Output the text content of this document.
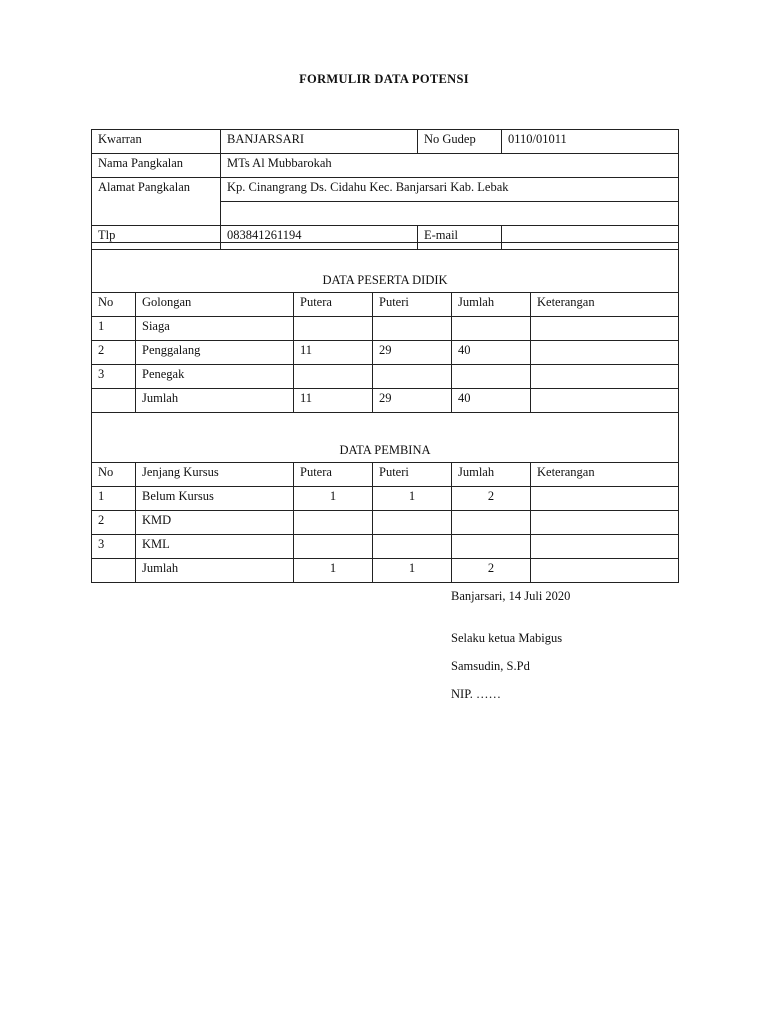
FORMULIR DATA POTENSI
Kwarran	BANJARSARI	No Gudep	0110/01011
Nama Pangkalan	MTs Al Mubbarokah		
Alamat Pangkalan	Kp. Cinangrang Ds. Cidahu Kec. Banjarsari Kab. Lebak		

Tlp	083841261194	E-mail	
DATA PESERTA DIDIK					
No	Golongan	Putera	Puteri	Jumlah	Keterangan
1	Siaga				
2	Penggalang	11	29	40	
3	Penegak				
	Jumlah	11	29	40	
DATA PEMBINA					
No	Jenjang Kursus	Putera	Puteri	Jumlah	Keterangan
1	Belum Kursus	1	1	2	
2	KMD				
3	KML				
	Jumlah	1	1	2	
Banjarsari, 14 Juli 2020
Selaku ketua Mabigus
Samsudin, S.Pd
NIP. ……
